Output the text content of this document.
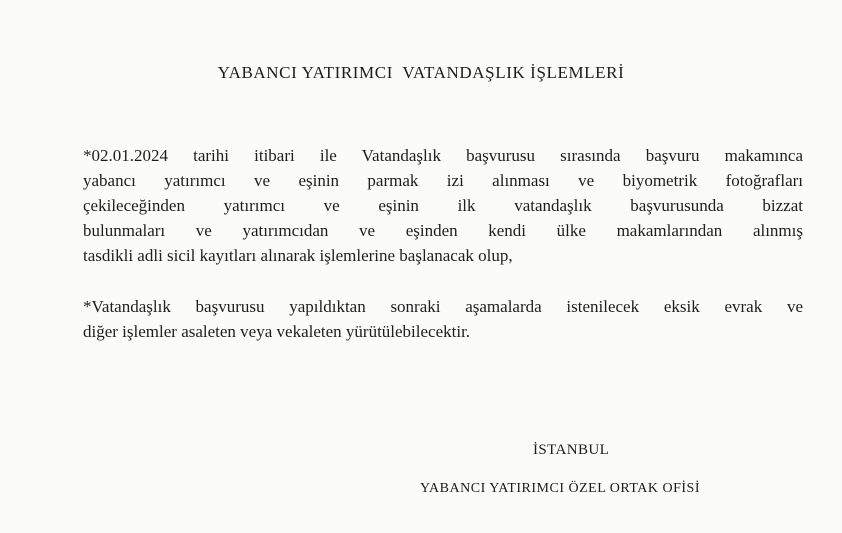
YABANCI YATIRIMCI  VATANDAŞLIK İŞLEMLERİ
*02.01.2024 tarihi itibari ile Vatandaşlık başvurusu sırasında başvuru makamınca
yabancı yatırımcı ve eşinin parmak izi alınması ve biyometrik fotoğrafları
çekileceğinden yatırımcı ve eşinin ilk vatandaşlık başvurusunda bizzat
bulunmaları ve yatırımcıdan ve eşinden kendi ülke makamlarından alınmış
tasdikli adli sicil kayıtları alınarak işlemlerine başlanacak olup,
*Vatandaşlık başvurusu yapıldıktan sonraki aşamalarda istenilecek eksik evrak ve
diğer işlemler asaleten veya vekaleten yürütülebilecektir.
İSTANBUL
YABANCI YATIRIMCI ÖZEL ORTAK OFİSİ
